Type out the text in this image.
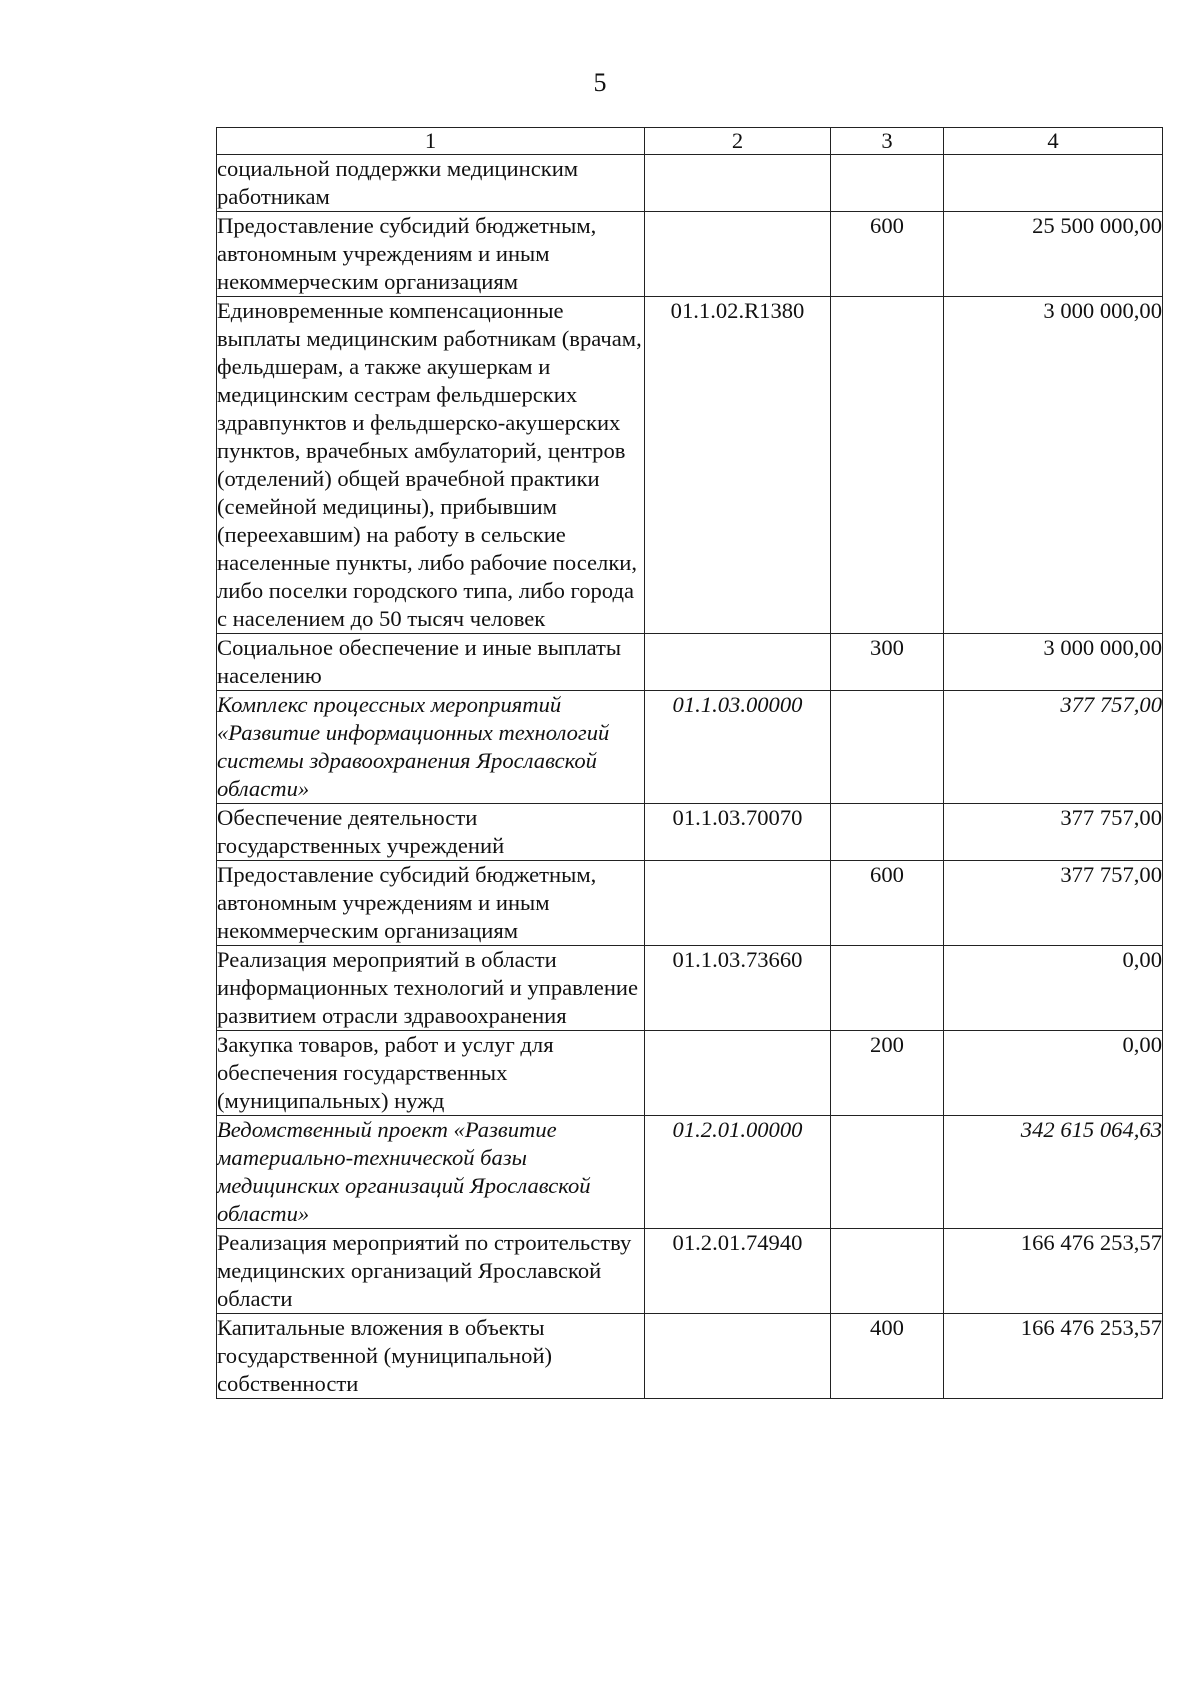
5
1	2	3	4
социальной поддержки медицинским работникам			
Предоставление субсидий бюджетным, автономным учреждениям и иным некоммерческим организациям		600	25 500 000,00
Единовременные компенсационные выплаты медицинским работникам (врачам, фельдшерам, а также акушеркам и медицинским сестрам фельдшерских здравпунктов и фельдшерско-акушерских пунктов, врачебных амбулаторий, центров (отделений) общей врачебной практики (семейной медицины), прибывшим (переехавшим) на работу в сельские населенные пункты, либо рабочие поселки, либо поселки городского типа, либо города с населением до 50 тысяч человек	01.1.02.R1380		3 000 000,00
Социальное обеспечение и иные выплаты населению		300	3 000 000,00
Комплекс процессных мероприятий «Развитие информационных технологий системы здравоохранения Ярославской области»	01.1.03.00000		377 757,00
Обеспечение деятельности государственных учреждений	01.1.03.70070		377 757,00
Предоставление субсидий бюджетным, автономным учреждениям и иным некоммерческим организациям		600	377 757,00
Реализация мероприятий в области информационных технологий и управление развитием отрасли здравоохранения	01.1.03.73660		0,00
Закупка товаров, работ и услуг для обеспечения государственных (муниципальных) нужд		200	0,00
Ведомственный проект «Развитие материально-технической базы медицинских организаций Ярославской области»	01.2.01.00000		342 615 064,63
Реализация мероприятий по строительству медицинских организаций Ярославской области	01.2.01.74940		166 476 253,57
Капитальные вложения в объекты государственной (муниципальной) собственности		400	166 476 253,57
